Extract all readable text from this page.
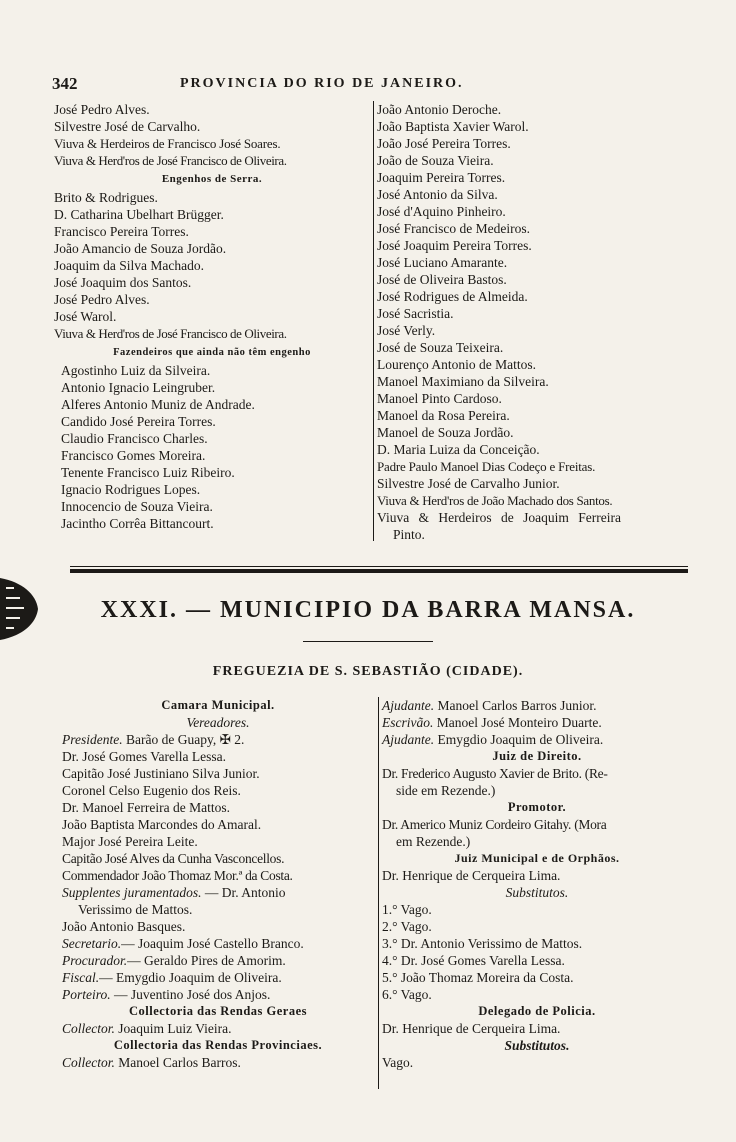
342	PROVINCIA DO RIO DE JANEIRO.
José Pedro Alves.
Silvestre José de Carvalho.
Viuva & Herdeiros de Francisco José Soares.
Viuva & Herd'ros de José Francisco de Oliveira.
Engenhos de Serra.
Brito & Rodrigues.
D. Catharina Ubelhart Brügger.
Francisco Pereira Torres.
João Amancio de Souza Jordão.
Joaquim da Silva Machado.
José Joaquim dos Santos.
José Pedro Alves.
José Warol.
Viuva & Herd'ros de José Francisco de Oliveira.
Fazendeiros que ainda não têm engenho
Agostinho Luiz da Silveira.
Antonio Ignacio Leingruber.
Alferes Antonio Muniz de Andrade.
Candido José Pereira Torres.
Claudio Francisco Charles.
Francisco Gomes Moreira.
Tenente Francisco Luiz Ribeiro.
Ignacio Rodrigues Lopes.
Innocencio de Souza Vieira.
Jacintho Corrêa Bittancourt.
João Antonio Deroche.
João Baptista Xavier Warol.
João José Pereira Torres.
João de Souza Vieira.
Joaquim Pereira Torres.
José Antonio da Silva.
José d'Aquino Pinheiro.
José Francisco de Medeiros.
José Joaquim Pereira Torres.
José Luciano Amarante.
José de Oliveira Bastos.
José Rodrigues de Almeida.
José Sacristia.
José Verly.
José de Souza Teixeira.
Lourenço Antonio de Mattos.
Manoel Maximiano da Silveira.
Manoel Pinto Cardoso.
Manoel da Rosa Pereira.
Manoel de Souza Jordão.
D. Maria Luiza da Conceição.
Padre Paulo Manoel Dias Codeço e Freitas.
Silvestre José de Carvalho Junior.
Viuva & Herd'ros de João Machado dos Santos.
Viuva & Herdeiros de Joaquim Ferreira
Pinto.
XXXI. — MUNICIPIO DA BARRA MANSA.
FREGUEZIA DE S. SEBASTIÃO (CIDADE).
Camara Municipal.
Vereadores.
Presidente. Barão de Guapy, ✠ 2.
Dr. José Gomes Varella Lessa.
Capitão José Justiniano Silva Junior.
Coronel Celso Eugenio dos Reis.
Dr. Manoel Ferreira de Mattos.
João Baptista Marcondes do Amaral.
Major José Pereira Leite.
Capitão José Alves da Cunha Vasconcellos.
Commendador João Thomaz Mor.ª da Costa.
Supplentes juramentados. — Dr. Antonio
Verissimo de Mattos.
João Antonio Basques.
Secretario.— Joaquim José Castello Branco.
Procurador.— Geraldo Pires de Amorim.
Fiscal.— Emygdio Joaquim de Oliveira.
Porteiro. — Juventino José dos Anjos.
Collectoria das Rendas Geraes
Collector. Joaquim Luiz Vieira.
Collectoria das Rendas Provinciaes.
Collector. Manoel Carlos Barros.
Ajudante. Manoel Carlos Barros Junior.
Escrivão. Manoel José Monteiro Duarte.
Ajudante. Emygdio Joaquim de Oliveira.
Juiz de Direito.
Dr. Frederico Augusto Xavier de Brito. (Re-
side em Rezende.)
Promotor.
Dr. Americo Muniz Cordeiro Gitahy. (Mora
em Rezende.)
Juiz Municipal e de Orphãos.
Dr. Henrique de Cerqueira Lima.
Substitutos.
1.° Vago.
2.° Vago.
3.° Dr. Antonio Verissimo de Mattos.
4.° Dr. José Gomes Varella Lessa.
5.° João Thomaz Moreira da Costa.
6.° Vago.
Delegado de Policia.
Dr. Henrique de Cerqueira Lima.
Substitutos.
Vago.
